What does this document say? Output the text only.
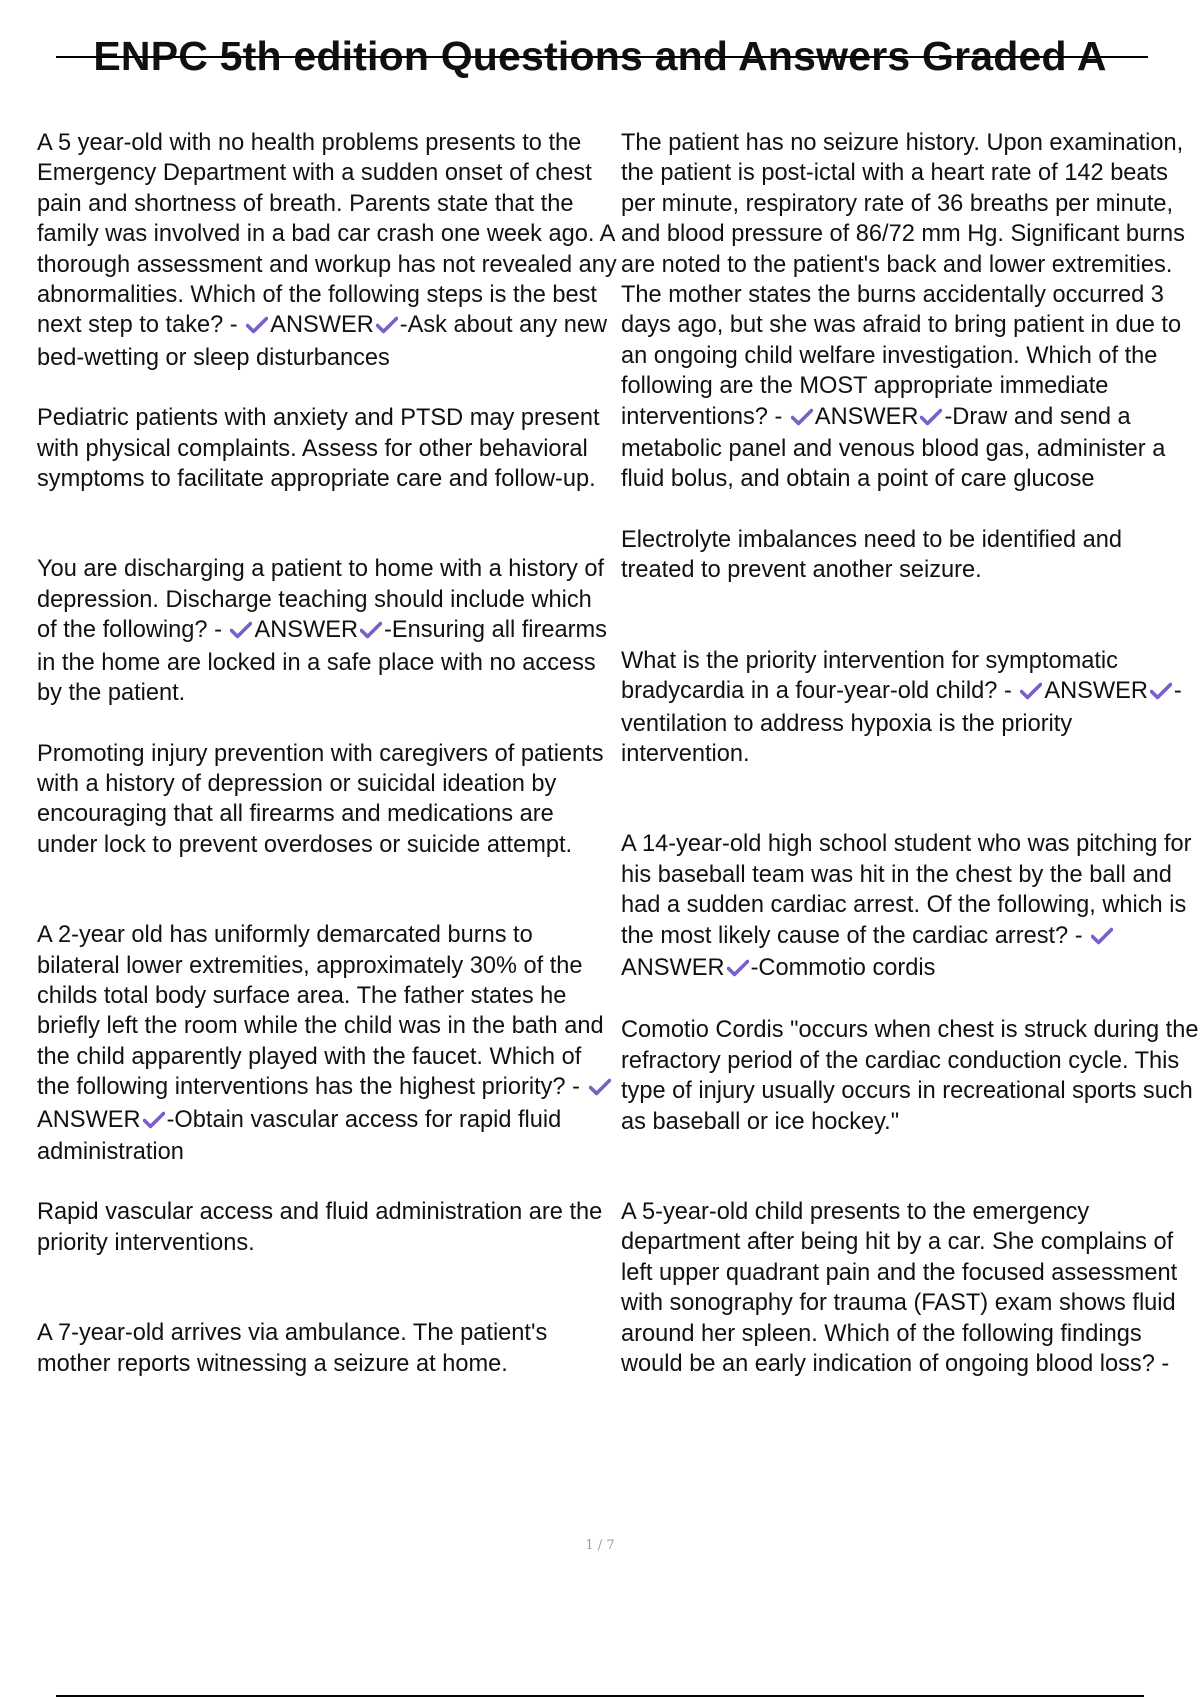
ENPC 5th edition Questions and Answers Graded A

A 5 year-old with no health problems presents to the Emergency Department with a sudden onset of chest pain and shortness of breath. Parents state that the family was involved in a bad car crash one week ago. A thorough assessment and workup has not revealed any abnormalities. Which of the following steps is the best next step to take? - ANSWER -Ask about any new bed-wetting or sleep disturbances

Pediatric patients with anxiety and PTSD may present with physical complaints. Assess for other behavioral symptoms to facilitate appropriate care and follow-up.

You are discharging a patient to home with a history of depression. Discharge teaching should include which of the following? - ANSWER -Ensuring all firearms in the home are locked in a safe place with no access by the patient.

Promoting injury prevention with caregivers of patients with a history of depression or suicidal ideation by encouraging that all firearms and medications are under lock to prevent overdoses or suicide attempt.

A 2-year old has uniformly demarcated burns to bilateral lower extremities, approximately 30% of the childs total body surface area. The father states he briefly left the room while the child was in the bath and the child apparently played with the faucet. Which of the following interventions has the highest priority? - ANSWER -Obtain vascular access for rapid fluid administration

Rapid vascular access and fluid administration are the priority interventions.

A 7-year-old arrives via ambulance. The patient's mother reports witnessing a seizure at home.

The patient has no seizure history. Upon examination, the patient is post-ictal with a heart rate of 142 beats per minute, respiratory rate of 36 breaths per minute, and blood pressure of 86/72 mm Hg. Significant burns are noted to the patient's back and lower extremities. The mother states the burns accidentally occurred 3 days ago, but she was afraid to bring patient in due to an ongoing child welfare investigation. Which of the following are the MOST appropriate immediate interventions? - ANSWER -Draw and send a metabolic panel and venous blood gas, administer a fluid bolus, and obtain a point of care glucose

Electrolyte imbalances need to be identified and treated to prevent another seizure.

What is the priority intervention for symptomatic bradycardia in a four-year-old child? - ANSWER -ventilation to address hypoxia is the priority intervention.

A 14-year-old high school student who was pitching for his baseball team was hit in the chest by the ball and had a sudden cardiac arrest. Of the following, which is the most likely cause of the cardiac arrest? - ANSWER -Commotio cordis

Comotio Cordis "occurs when chest is struck during the refractory period of the cardiac conduction cycle. This type of injury usually occurs in recreational sports such as baseball or ice hockey."

A 5-year-old child presents to the emergency department after being hit by a car. She complains of left upper quadrant pain and the focused assessment with sonography for trauma (FAST) exam shows fluid around her spleen. Which of the following findings would be an early indication of ongoing blood loss? -

1 / 7
